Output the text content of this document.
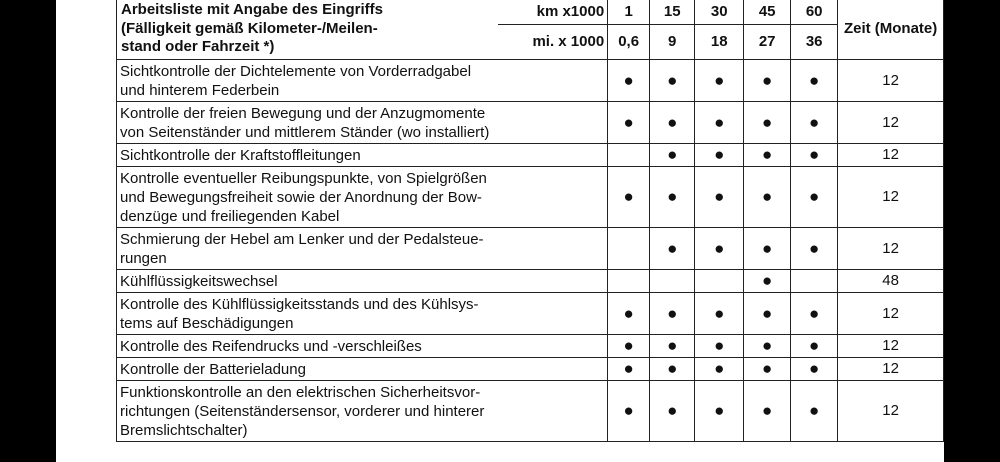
Arbeitsliste mit Angabe des Eingriffs
(Fälligkeit gemäß Kilometer-/Meilen-
stand oder Fahrzeit *)	km x1000	1	15	30	45	60	Zeit (Monate)
	mi. x 1000	0,6	9	18	27	36	
Sichtkontrolle der Dichtelemente von Vorderradgabel
und hinterem Federbein		●	●	●	●	●	12
Kontrolle der freien Bewegung und der Anzugmomente
von Seitenständer und mittlerem Ständer (wo installiert)		●	●	●	●	●	12
Sichtkontrolle der Kraftstoffleitungen			●	●	●	●	12
Kontrolle eventueller Reibungspunkte, von Spielgrößen
und Bewegungsfreiheit sowie der Anordnung der Bow-
denzüge und freiliegenden Kabel		●	●	●	●	●	12
Schmierung der Hebel am Lenker und der Pedalsteue-
rungen			●	●	●	●	12
Kühlflüssigkeitswechsel					●		48
Kontrolle des Kühlflüssigkeitsstands und des Kühlsys-
tems auf Beschädigungen		●	●	●	●	●	12
Kontrolle des Reifendrucks und -verschleißes		●	●	●	●	●	12
Kontrolle der Batterieladung		●	●	●	●	●	12
Funktionskontrolle an den elektrischen Sicherheitsvor-
richtungen (Seitenständersensor, vorderer und hinterer
Bremslichtschalter)		●	●	●	●	●	12
